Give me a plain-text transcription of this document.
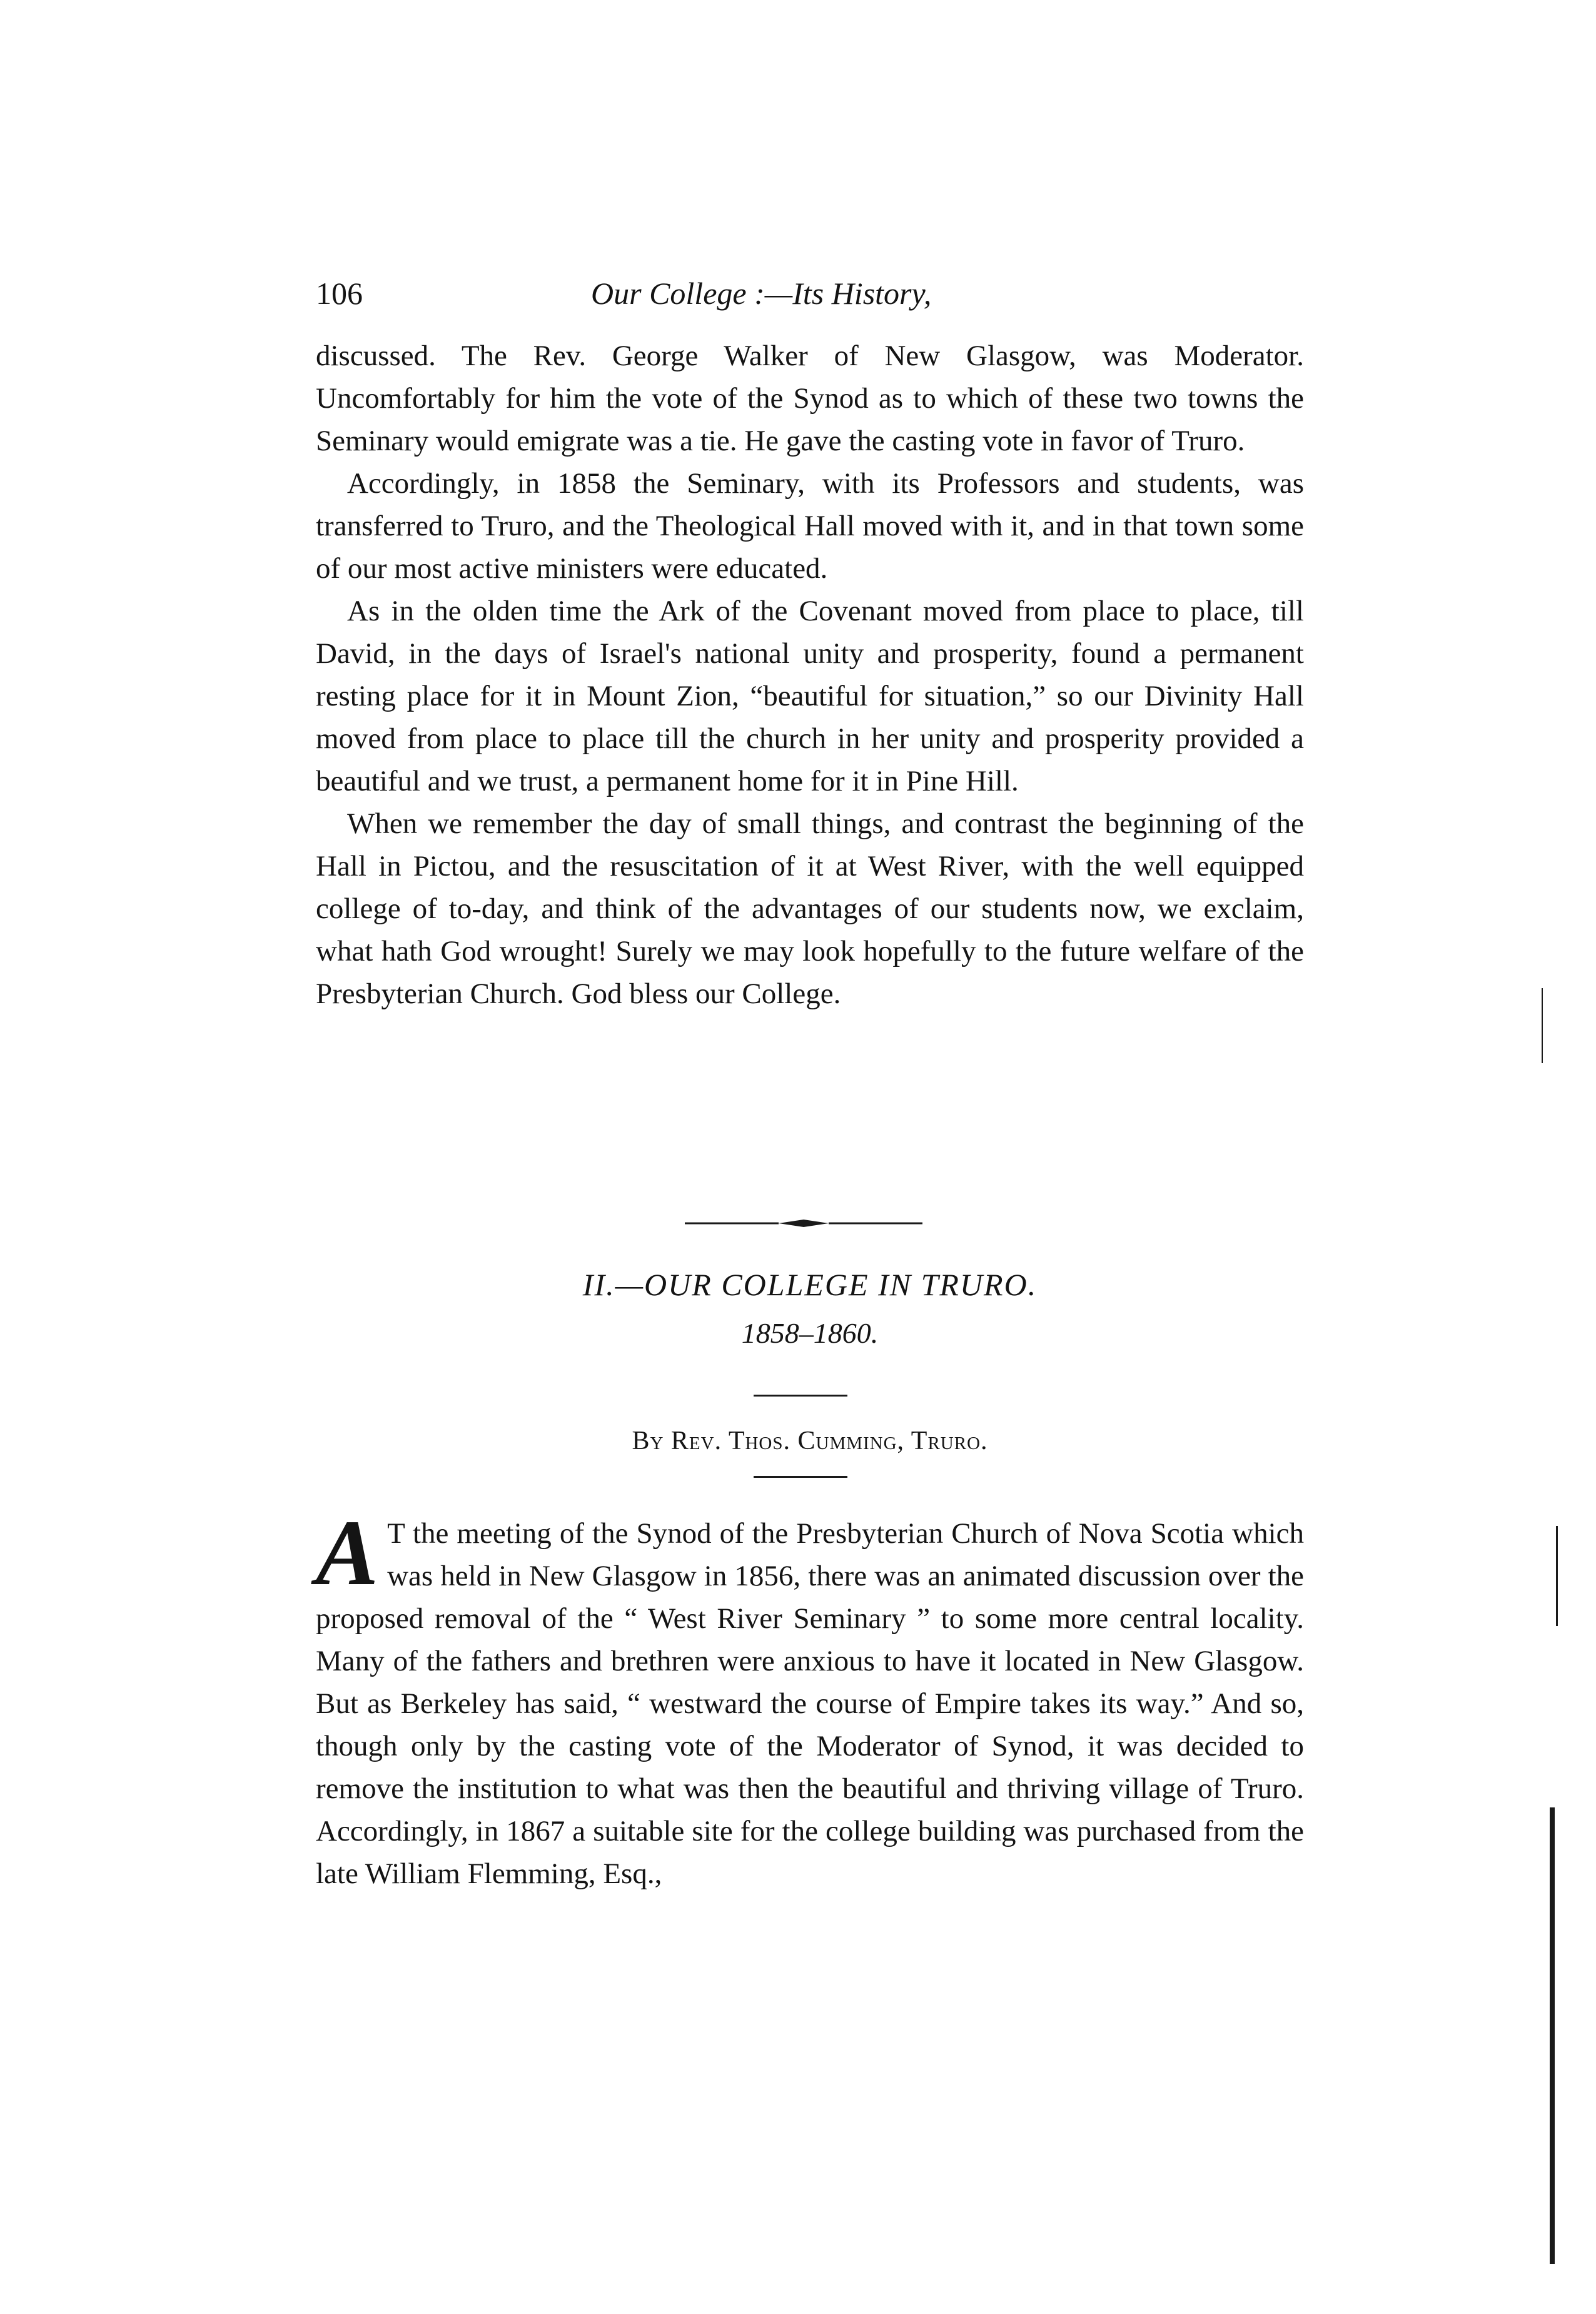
106	Our College :—Its History,

discussed. The Rev. George Walker of New Glasgow, was Moderator. Uncomfortably for him the vote of the Synod as to which of these two towns the Seminary would emigrate was a tie. He gave the casting vote in favor of Truro.

Accordingly, in 1858 the Seminary, with its Professors and students, was transferred to Truro, and the Theological Hall moved with it, and in that town some of our most active ministers were educated.

As in the olden time the Ark of the Covenant moved from place to place, till David, in the days of Israel's national unity and prosperity, found a permanent resting place for it in Mount Zion, “beautiful for situation,” so our Divinity Hall moved from place to place till the church in her unity and prosperity provided a beautiful and we trust, a permanent home for it in Pine Hill.

When we remember the day of small things, and contrast the beginning of the Hall in Pictou, and the resuscitation of it at West River, with the well equipped college of to-day, and think of the advantages of our students now, we exclaim, what hath God wrought! Surely we may look hopefully to the future welfare of the Presbyterian Church. God bless our College.

II.—OUR COLLEGE IN TRURO.
1858–1860.
By Rev. Thos. Cumming, Truro.

A T the meeting of the Synod of the Presbyterian Church of Nova Scotia which was held in New Glasgow in 1856, there was an animated discussion over the proposed removal of the “ West River Seminary ” to some more central locality. Many of the fathers and brethren were anxious to have it located in New Glasgow. But as Berkeley has said, “ westward the course of Empire takes its way.” And so, though only by the casting vote of the Moderator of Synod, it was decided to remove the institution to what was then the beautiful and thriving village of Truro. Accordingly, in 1867 a suitable site for the college building was purchased from the late William Flemming, Esq.,
